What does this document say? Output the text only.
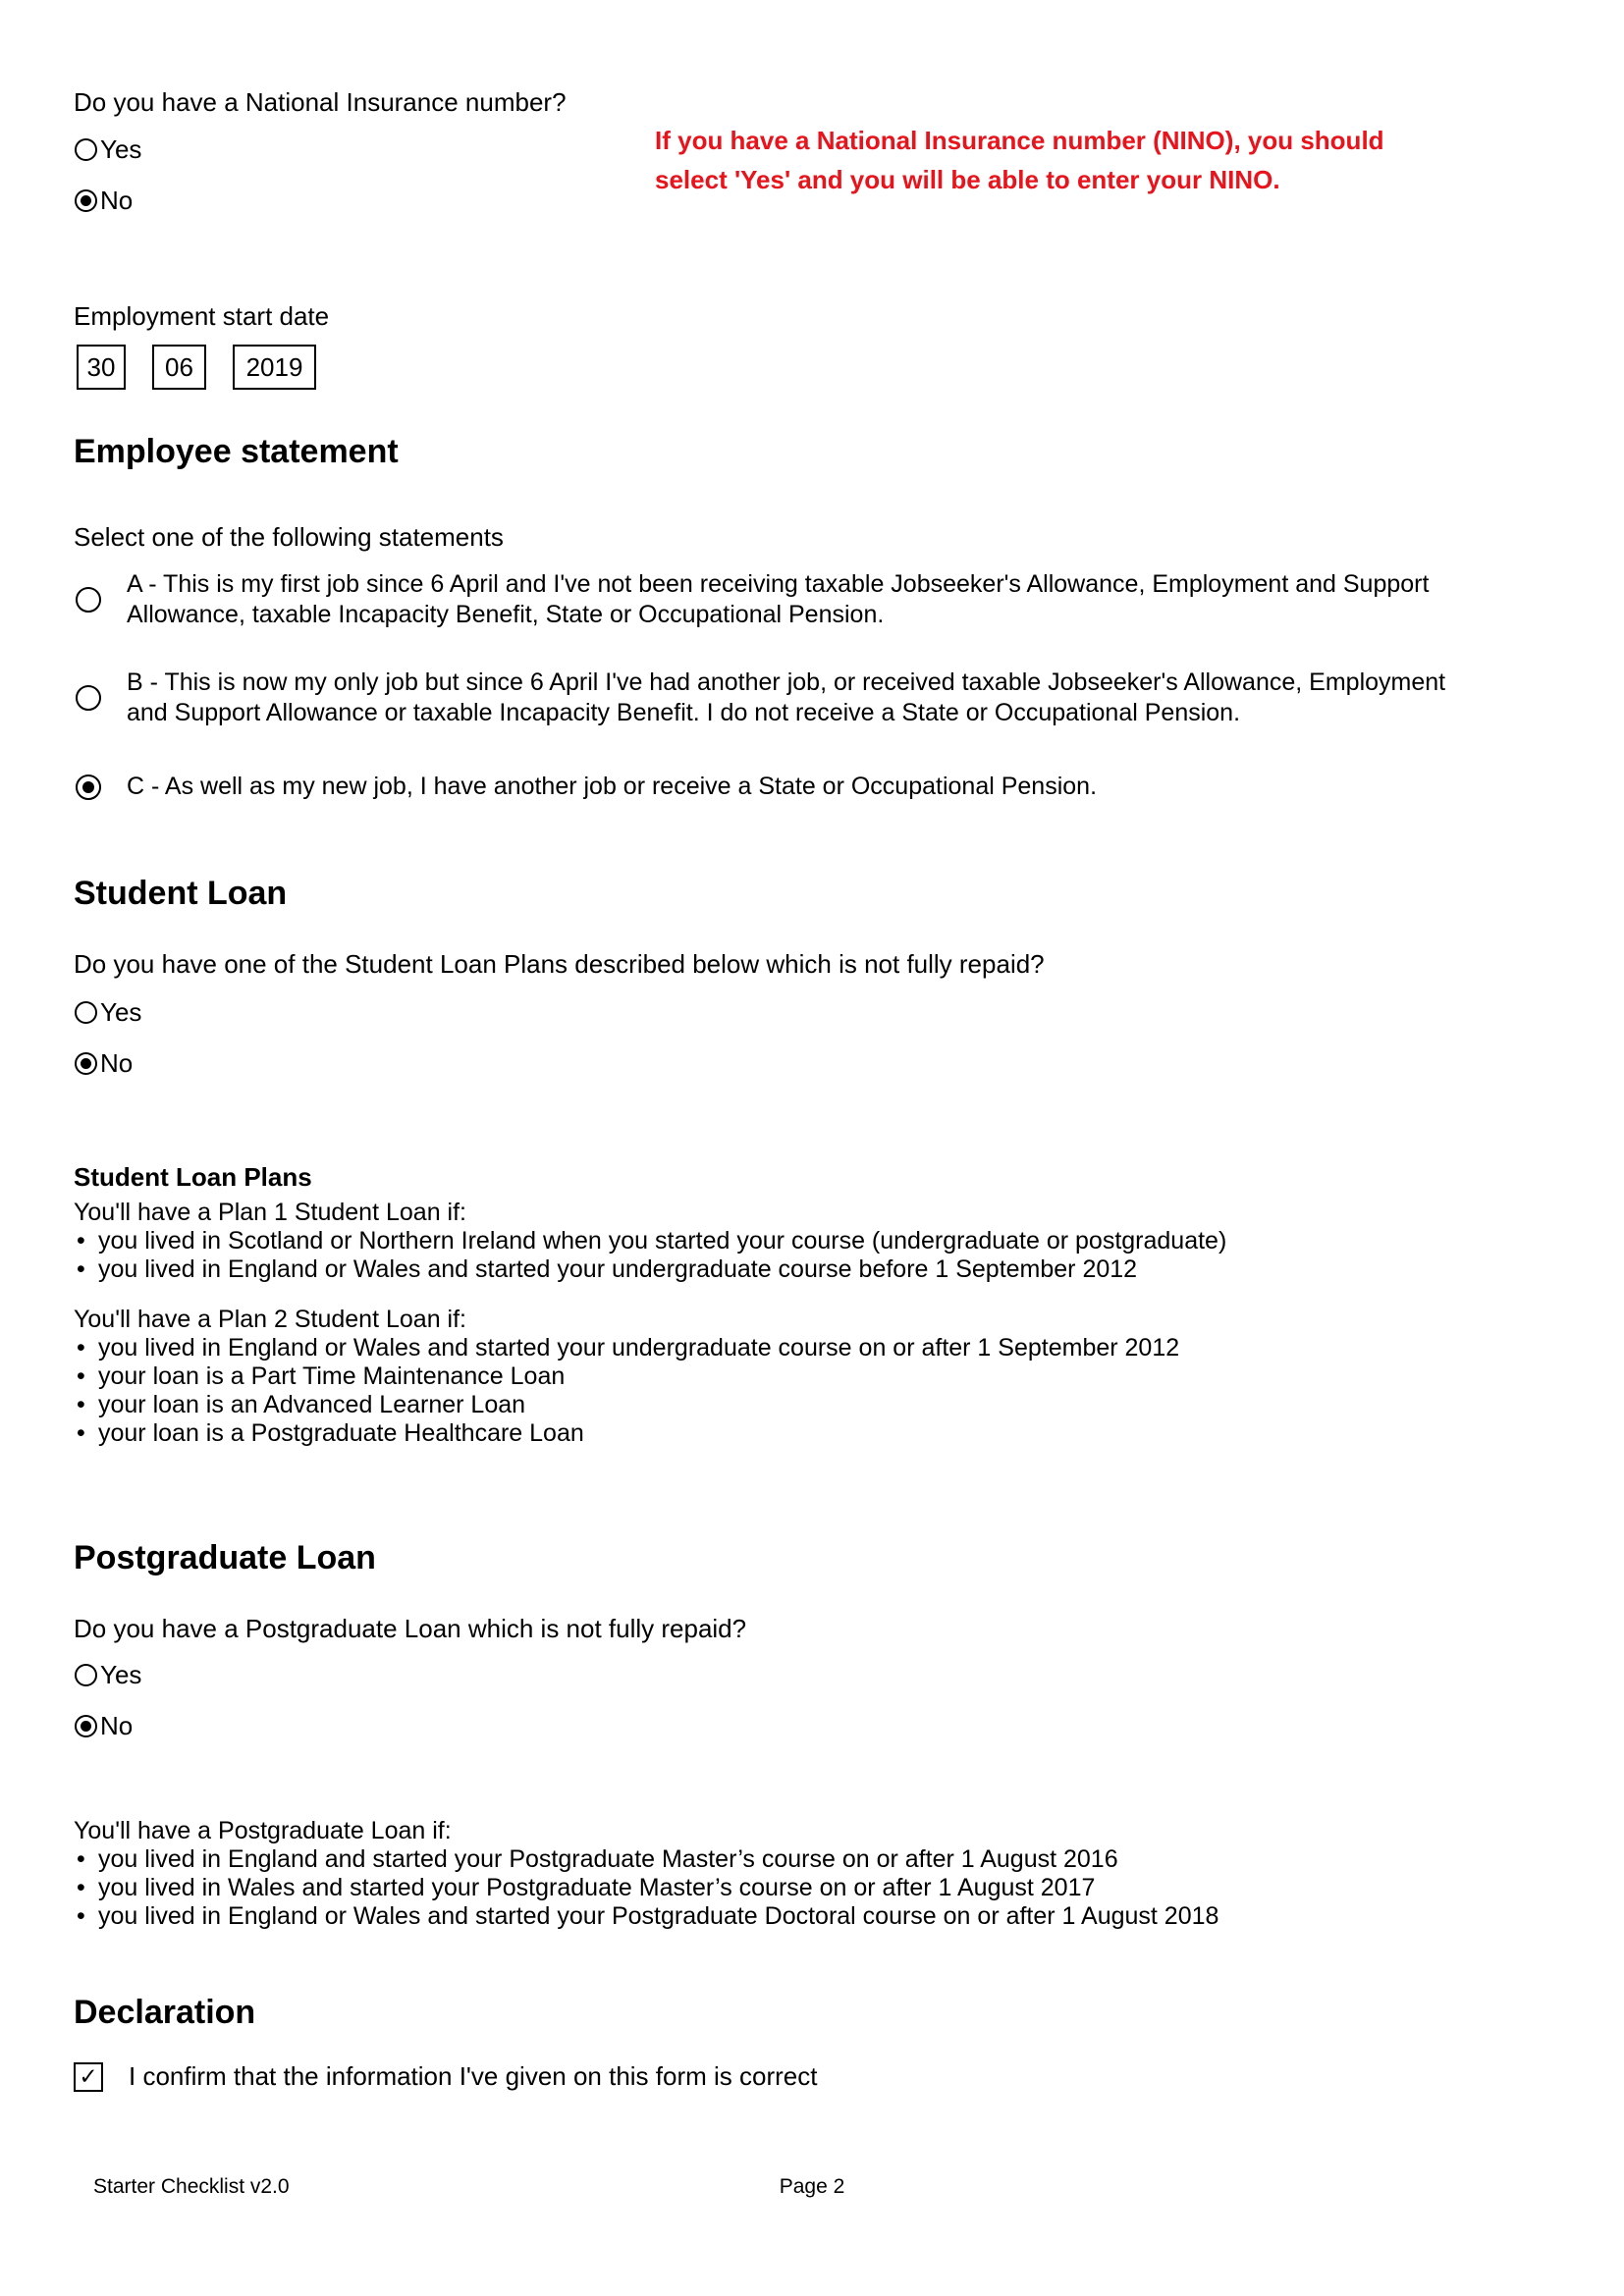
Do you have a National Insurance number?
Yes
No
If you have a National Insurance number (NINO), you should
select 'Yes' and you will be able to enter your NINO.
Employment start date
30	06	2019
Employee statement
Select one of the following statements
A - This is my first job since 6 April and I've not been receiving taxable Jobseeker's Allowance, Employment and Support Allowance, taxable Incapacity Benefit, State or Occupational Pension.
B - This is now my only job but since 6 April I've had another job, or received taxable Jobseeker's Allowance, Employment and Support Allowance or taxable Incapacity Benefit. I do not receive a State or Occupational Pension.
C - As well as my new job, I have another job or receive a State or Occupational Pension.
Student Loan
Do you have one of the Student Loan Plans described below which is not fully repaid?
Yes
No

Student Loan Plans

You'll have a Plan 1 Student Loan if:

• you lived in Scotland or Northern Ireland when you started your course (undergraduate or postgraduate)

• you lived in England or Wales and started your undergraduate course before 1 September 2012

You'll have a Plan 2 Student Loan if:

• you lived in England or Wales and started your undergraduate course on or after 1 September 2012

• your loan is a Part Time Maintenance Loan

• your loan is an Advanced Learner Loan

• your loan is a Postgraduate Healthcare Loan

Postgraduate Loan
Do you have a Postgraduate Loan which is not fully repaid?
Yes
No

You'll have a Postgraduate Loan if:

• you lived in England and started your Postgraduate Master’s course on or after 1 August 2016

• you lived in Wales and started your Postgraduate Master’s course on or after 1 August 2017

• you lived in England or Wales and started your Postgraduate Doctoral course on or after 1 August 2018

Declaration
✓
I confirm that the information I've given on this form is correct
Starter Checklist v2.0	Page 2
